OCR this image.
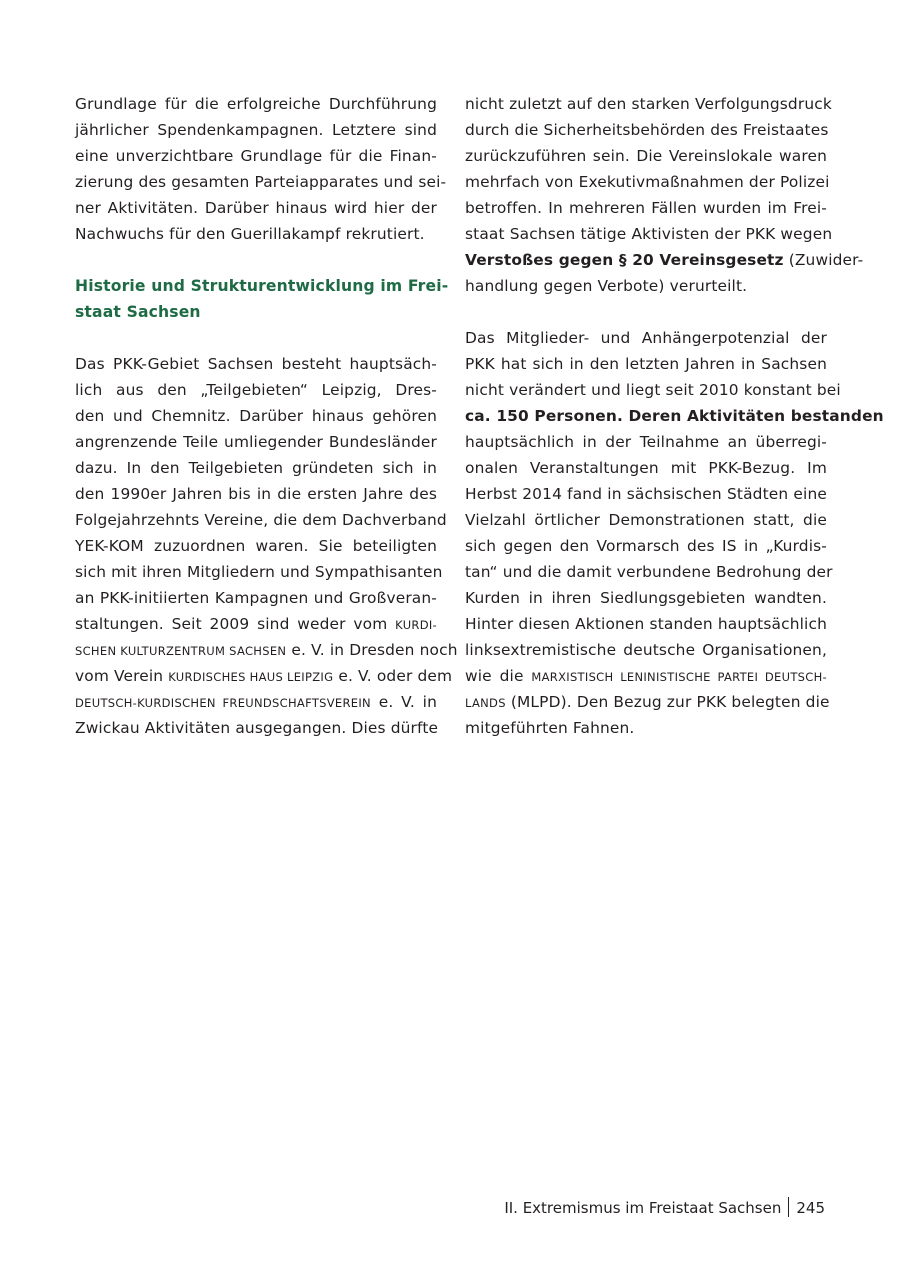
Grundlage für die erfolgreiche Durchführung
jährlicher Spendenkampagnen. Letztere sind
eine unverzichtbare Grundlage für die Finan-
zierung des gesamten Parteiapparates und sei-
ner Aktivitäten. Darüber hinaus wird hier der
Nachwuchs für den Guerillakampf rekrutiert.
Historie und Strukturentwicklung im Frei-
staat Sachsen
Das PKK-Gebiet Sachsen besteht hauptsäch-
lich aus den „Teilgebieten“ Leipzig, Dres-
den und Chemnitz. Darüber hinaus gehören
angrenzende Teile umliegender Bundesländer
dazu. In den Teilgebieten gründeten sich in
den 1990er Jahren bis in die ersten Jahre des
Folgejahrzehnts Vereine, die dem Dachverband
YEK-KOM zuzuordnen waren. Sie beteiligten
sich mit ihren Mitgliedern und Sympathisanten
an PKK-initiierten Kampagnen und Großveran-
staltungen. Seit 2009 sind weder vom KURDI-
SCHEN KULTURZENTRUM SACHSEN e. V. in Dresden noch
vom Verein KURDISCHES HAUS LEIPZIG e. V. oder dem
DEUTSCH-KURDISCHEN FREUNDSCHAFTSVEREIN e. V. in
Zwickau Aktivitäten ausgegangen. Dies dürfte
nicht zuletzt auf den starken Verfolgungsdruck
durch die Sicherheitsbehörden des Freistaates
zurückzuführen sein. Die Vereinslokale waren
mehrfach von Exekutivmaßnahmen der Polizei
betroffen. In mehreren Fällen wurden im Frei-
staat Sachsen tätige Aktivisten der PKK wegen
Verstoßes gegen § 20 Vereinsgesetz (Zuwider-
handlung gegen Verbote) verurteilt.
Das Mitglieder- und Anhängerpotenzial der
PKK hat sich in den letzten Jahren in Sachsen
nicht verändert und liegt seit 2010 konstant bei
ca. 150 Personen. Deren Aktivitäten bestanden
hauptsächlich in der Teilnahme an überregi-
onalen Veranstaltungen mit PKK-Bezug. Im
Herbst 2014 fand in sächsischen Städten eine
Vielzahl örtlicher Demonstrationen statt, die
sich gegen den Vormarsch des IS in „Kurdis-
tan“ und die damit verbundene Bedrohung der
Kurden in ihren Siedlungsgebieten wandten.
Hinter diesen Aktionen standen hauptsächlich
linksextremistische deutsche Organisationen,
wie die MARXISTISCH LENINISTISCHE PARTEI DEUTSCH-
LANDS (MLPD). Den Bezug zur PKK belegten die
mitgeführten Fahnen.
II. Extremismus im Freistaat Sachsen 245
